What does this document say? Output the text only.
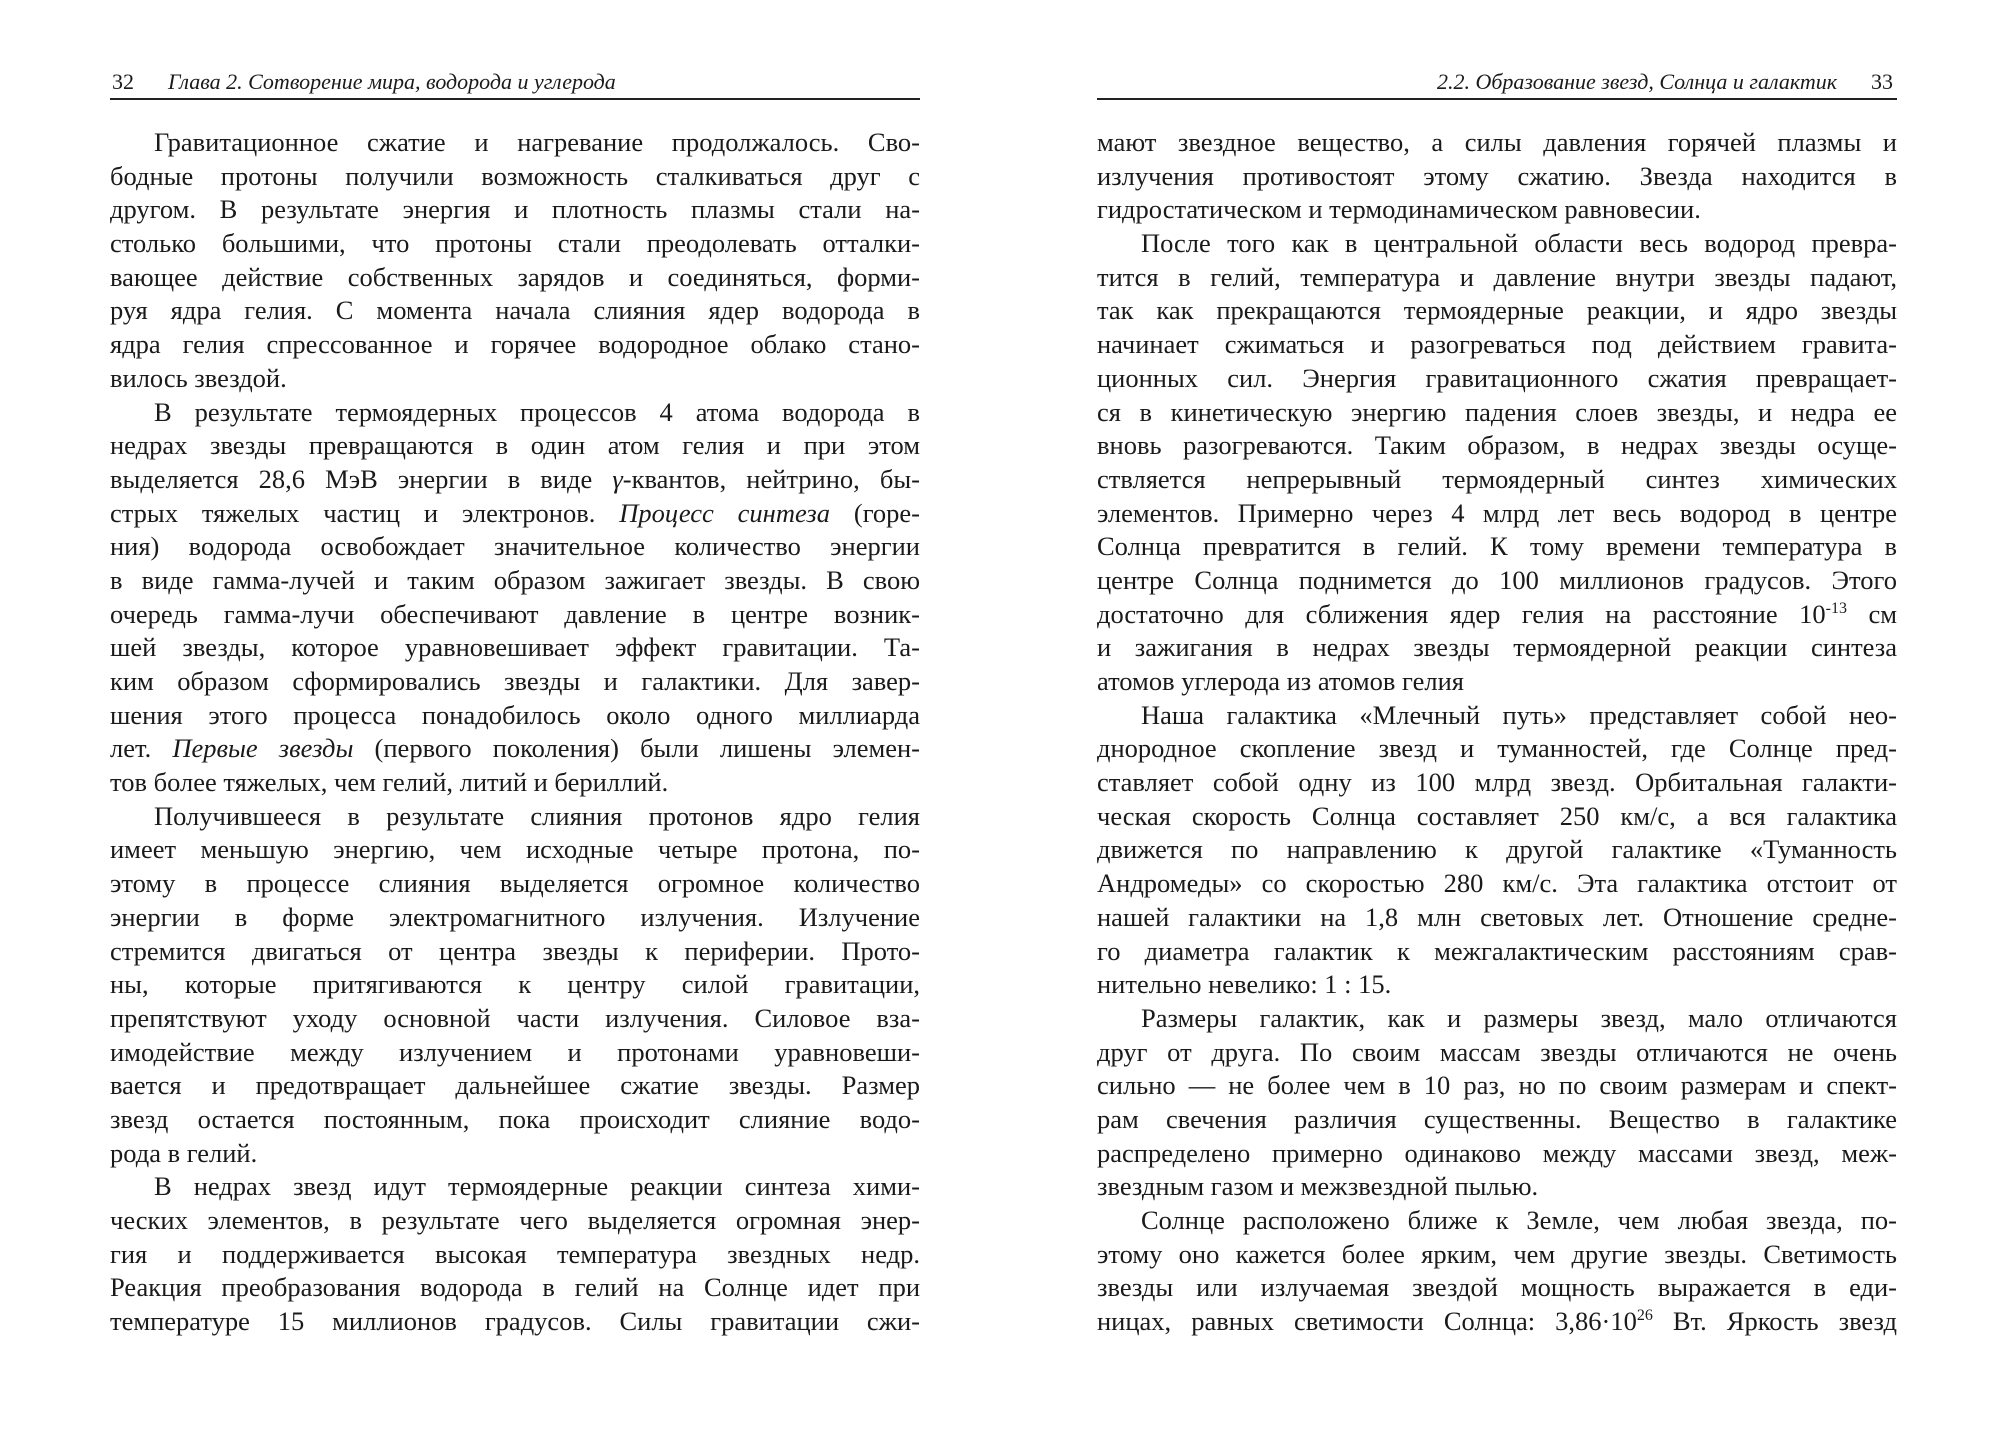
32 Глава 2. Сотворение мира, водорода и углерода
Гравитационное сжатие и нагревание продолжалось. Сво-
бодные протоны получили возможность сталкиваться друг с
другом. В результате энергия и плотность плазмы стали на-
столько большими, что протоны стали преодолевать отталки-
вающее действие собственных зарядов и соединяться, форми-
руя ядра гелия. С момента начала слияния ядер водорода в
ядра гелия спрессованное и горячее водородное облако стано-
вилось звездой.
В результате термоядерных процессов 4 атома водорода в
недрах звезды превращаются в один атом гелия и при этом
выделяется 28,6 МэВ энергии в виде γ-квантов, нейтрино, бы-
стрых тяжелых частиц и электронов. Процесс синтеза (горе-
ния) водорода освобождает значительное количество энергии
в виде гамма-лучей и таким образом зажигает звезды. В свою
очередь гамма-лучи обеспечивают давление в центре возник-
шей звезды, которое уравновешивает эффект гравитации. Та-
ким образом сформировались звезды и галактики. Для завер-
шения этого процесса понадобилось около одного миллиарда
лет. Первые звезды (первого поколения) были лишены элемен-
тов более тяжелых, чем гелий, литий и бериллий.
Получившееся в результате слияния протонов ядро гелия
имеет меньшую энергию, чем исходные четыре протона, по-
этому в процессе слияния выделяется огромное количество
энергии в форме электромагнитного излучения. Излучение
стремится двигаться от центра звезды к периферии. Прото-
ны, которые притягиваются к центру силой гравитации,
препятствуют уходу основной части излучения. Силовое вза-
имодействие между излучением и протонами уравновеши-
вается и предотвращает дальнейшее сжатие звезды. Размер
звезд остается постоянным, пока происходит слияние водо-
рода в гелий.
В недрах звезд идут термоядерные реакции синтеза хими-
ческих элементов, в результате чего выделяется огромная энер-
гия и поддерживается высокая температура звездных недр.
Реакция преобразования водорода в гелий на Солнце идет при
температуре 15 миллионов градусов. Силы гравитации сжи-
2.2. Образование звезд, Солнца и галактик 33
мают звездное вещество, а силы давления горячей плазмы и
излучения противостоят этому сжатию. Звезда находится в
гидростатическом и термодинамическом равновесии.
После того как в центральной области весь водород превра-
тится в гелий, температура и давление внутри звезды падают,
так как прекращаются термоядерные реакции, и ядро звезды
начинает сжиматься и разогреваться под действием гравита-
ционных сил. Энергия гравитационного сжатия превращает-
ся в кинетическую энергию падения слоев звезды, и недра ее
вновь разогреваются. Таким образом, в недрах звезды осуще-
ствляется непрерывный термоядерный синтез химических
элементов. Примерно через 4 млрд лет весь водород в центре
Солнца превратится в гелий. К тому времени температура в
центре Солнца поднимется до 100 миллионов градусов. Этого
достаточно для сближения ядер гелия на расстояние $10^{-13}$ см
и зажигания в недрах звезды термоядерной реакции синтеза
атомов углерода из атомов гелия
Наша галактика «Млечный путь» представляет собой нео-
днородное скопление звезд и туманностей, где Солнце пред-
ставляет собой одну из 100 млрд звезд. Орбитальная галакти-
ческая скорость Солнца составляет 250 км/с, а вся галактика
движется по направлению к другой галактике «Туманность
Андромеды» со скоростью 280 км/с. Эта галактика отстоит от
нашей галактики на 1,8 млн световых лет. Отношение средне-
го диаметра галактик к межгалактическим расстояниям срав-
нительно невелико: 1 : 15.
Размеры галактик, как и размеры звезд, мало отличаются
друг от друга. По своим массам звезды отличаются не очень
сильно — не более чем в 10 раз, но по своим размерам и спект-
рам свечения различия существенны. Вещество в галактике
распределено примерно одинаково между массами звезд, меж-
звездным газом и межзвездной пылью.
Солнце расположено ближе к Земле, чем любая звезда, по-
этому оно кажется более ярким, чем другие звезды. Светимость
звезды или излучаемая звездой мощность выражается в еди-
ницах, равных светимости Солнца: $3,86\cdot 10^{26}$ Вт. Яркость звезд
